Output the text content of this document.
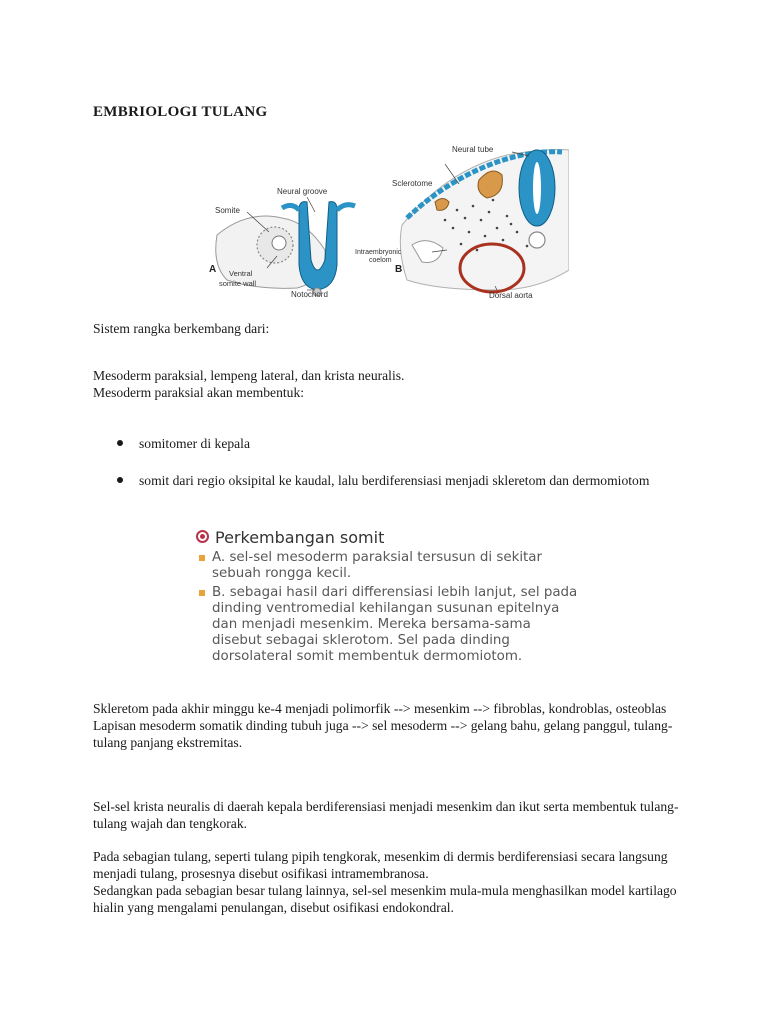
EMBRIOLOGI TULANG
Somite
Neural groove
Ventral
somite wall
Notochord
A
Neural tube
Sclerotome
Intraembryonic
coelom
Dorsal aorta
B
Sistem rangka berkembang dari:
Mesoderm paraksial, lempeng lateral, dan krista neuralis.
Mesoderm paraksial akan membentuk:
somitomer di kepala
somit dari regio oksipital ke kaudal, lalu berdiferensiasi menjadi skleretom dan dermomiotom
Perkembangan somit
A. sel-sel mesoderm paraksial tersusun di sekitar sebuah rongga kecil.
B. sebagai hasil dari differensiasi lebih lanjut, sel pada dinding ventromedial kehilangan susunan epitelnya dan menjadi mesenkim. Mereka bersama-sama disebut sebagai sklerotom. Sel pada dinding dorsolateral somit membentuk dermomiotom.
Skleretom pada akhir minggu ke-4 menjadi polimorfik --> mesenkim --> fibroblas, kondroblas, osteoblas Lapisan mesoderm somatik dinding tubuh juga --> sel mesoderm --> gelang bahu, gelang panggul, tulang-tulang panjang ekstremitas.
Sel-sel krista neuralis di daerah kepala berdiferensiasi menjadi mesenkim dan ikut serta membentuk tulang-tulang wajah dan tengkorak.
Pada sebagian tulang, seperti tulang pipih tengkorak, mesenkim di dermis berdiferensiasi secara langsung menjadi tulang, prosesnya disebut osifikasi intramembranosa.
Sedangkan pada sebagian besar tulang lainnya, sel-sel mesenkim mula-mula menghasilkan model kartilago hialin yang mengalami penulangan, disebut osifikasi endokondral.
